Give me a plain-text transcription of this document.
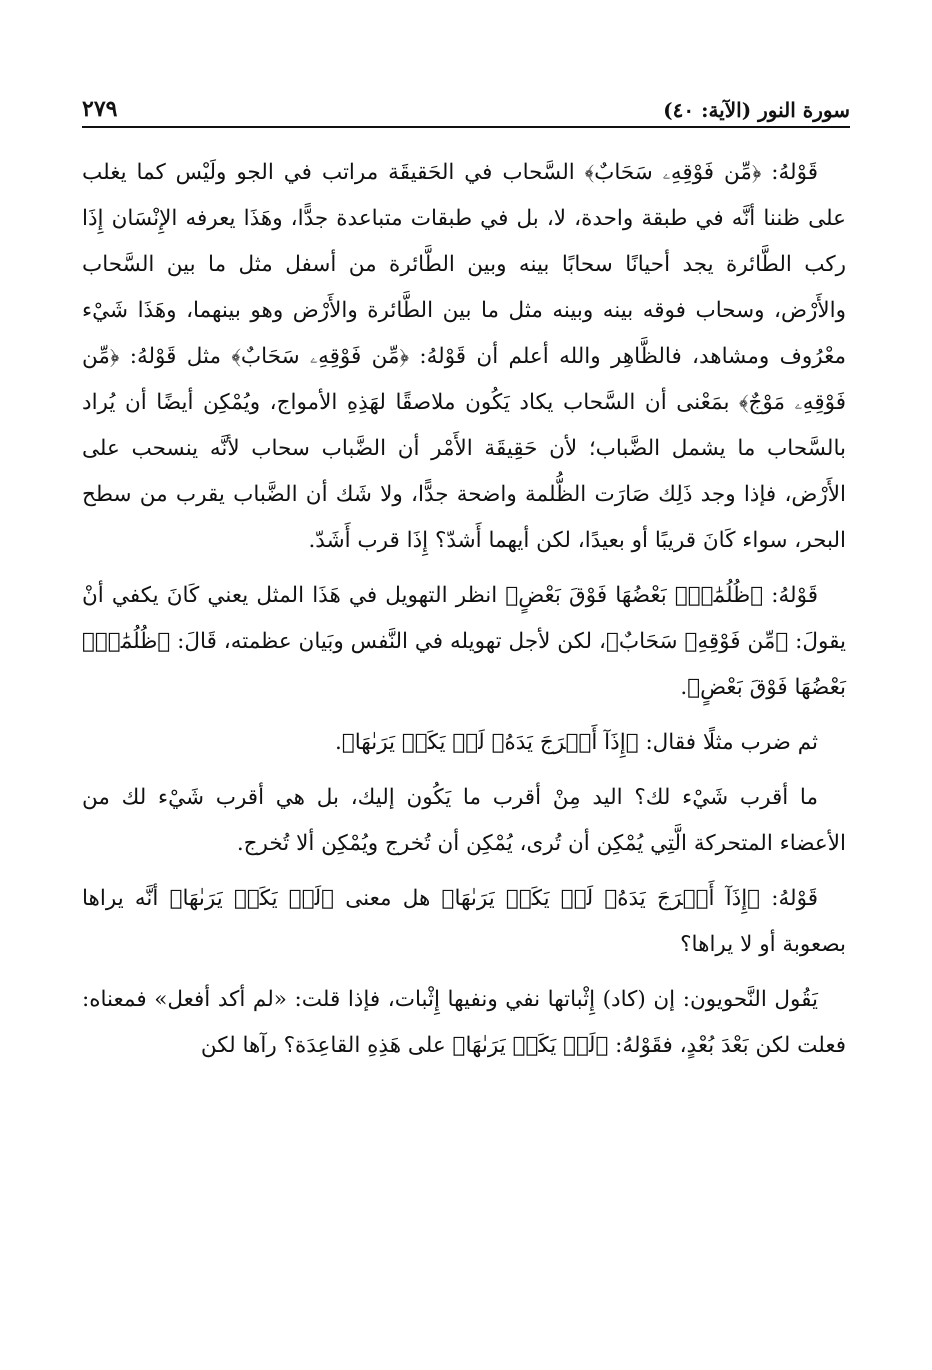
سورة النور (الآية: ٤٠)
٢٧٩

قَوْلهُ: ﴿مِّن فَوْقِهِۦ سَحَابٌ﴾ السَّحاب في الحَقيقَة مراتب في الجو ولَيْس كما يغلب على ظننا أنَّه في طبقة واحدة، لا، بل في طبقات متباعدة جدًّا، وهَذَا يعرفه الإِنْسَان إِذَا ركب الطَّائرة يجد أحيانًا سحابًا بينه وبين الطَّائرة من أسفل مثل ما بين السَّحاب والأَرْض، وسحاب فوقه بينه وبينه مثل ما بين الطَّائرة والأَرْض وهو بينهما، وهَذَا شَيْء معْرُوف ومشاهد، فالظَّاهِر والله أعلم أن قَوْلهُ: ﴿مِّن فَوْقِهِۦ سَحَابٌ﴾ مثل قَوْلهُ: ﴿مِّن فَوْقِهِۦ مَوْجٌ﴾ بمَعْنى أن السَّحاب يكاد يَكُون ملاصقًا لهَذِهِ الأمواج، ويُمْكِن أيضًا أن يُراد بالسَّحاب ما يشمل الضَّباب؛ لأن حَقِيقَة الأَمْر أن الضَّباب سحاب لأنَّه ينسحب على الأَرْض، فإذا وجد ذَلِك صَارَت الظُّلمة واضحة جدًّا، ولا شَك أن الضَّباب يقرب من سطح البحر، سواء كَانَ قريبًا أو بعيدًا، لكن أيهما أَشدّ؟ إِذَا قرب أَشَدّ.

قَوْلهُ: ﴿ظُلُمَٰتُۢ بَعْضُهَا فَوْقَ بَعْضٍ﴾ انظر التهويل في هَذَا المثل يعني كَانَ يكفي أنْ يقولَ: ﴿مِّن فَوْقِهِۦ سَحَابٌ﴾، لكن لأجل تهويله في النَّفس وبَيان عظمته، قَالَ: ﴿ظُلُمَٰتُۢ بَعْضُهَا فَوْقَ بَعْضٍ﴾.

ثم ضرب مثلًا فقال: ﴿إِذَآ أَخۡرَجَ يَدَهُۥ لَمۡ يَكَدۡ يَرَىٰهَا﴾.

ما أقرب شَيْء لك؟ اليد مِنْ أقرب ما يَكُون إليك، بل هي أقرب شَيْء لك من الأعضاء المتحركة الَّتِي يُمْكِن أن تُرى، يُمْكِن أن تُخرج ويُمْكِن ألا تُخرج.

قَوْلهُ: ﴿إِذَآ أَخۡرَجَ يَدَهُۥ لَمۡ يَكَدۡ يَرَىٰهَا﴾ هل معنى ﴿لَمۡ يَكَدۡ يَرَىٰهَا﴾ أنَّه يراها بصعوبة أو لا يراها؟

يَقُول النَّحويون: إن (كاد) إِثْباتها نفي ونفيها إِثْبات، فإذا قلت: «لم أكد أفعل» فمعناه: فعلت لكن بَعْدَ بُعْدٍ، فقَوْلهُ: ﴿لَمۡ يَكَدۡ يَرَىٰهَا﴾ على هَذِهِ القاعِدَة؟ رآها لكن
